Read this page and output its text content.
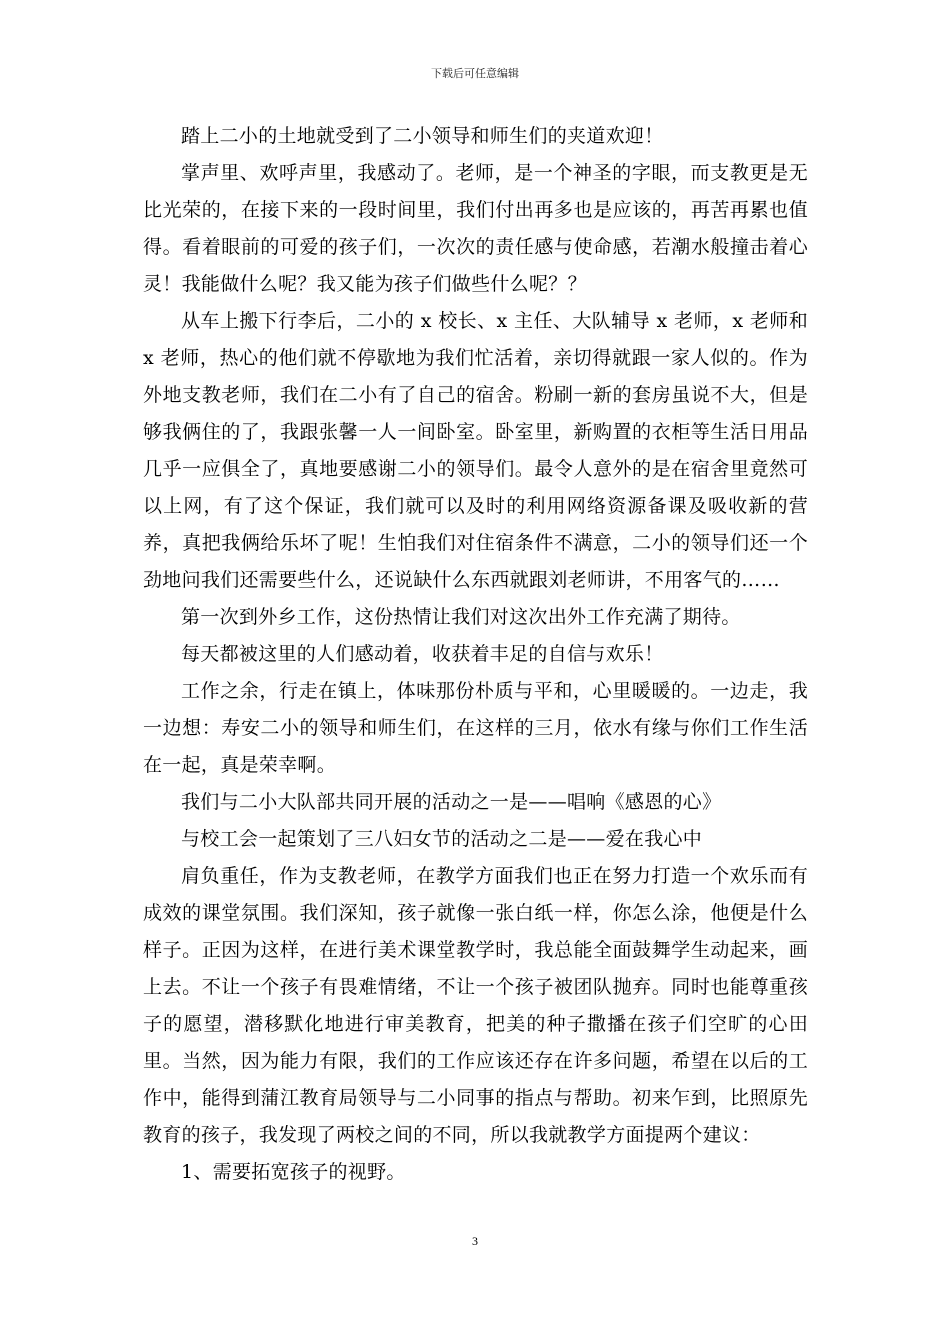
下载后可任意编辑

踏上二小的土地就受到了二小领导和师生们的夹道欢迎！

掌声里、欢呼声里，我感动了。老师，是一个神圣的字眼，而支教更是无比光荣的，在接下来的一段时间里，我们付出再多也是应该的，再苦再累也值得。看着眼前的可爱的孩子们，一次次的责任感与使命感，若潮水般撞击着心灵！我能做什么呢？我又能为孩子们做些什么呢？？

从车上搬下行李后，二小的 x 校长、x 主任、大队辅导 x 老师，x 老师和 x 老师，热心的他们就不停歇地为我们忙活着，亲切得就跟一家人似的。作为外地支教老师，我们在二小有了自己的宿舍。粉刷一新的套房虽说不大，但是够我俩住的了，我跟张馨一人一间卧室。卧室里，新购置的衣柜等生活日用品几乎一应俱全了，真地要感谢二小的领导们。最令人意外的是在宿舍里竟然可以上网，有了这个保证，我们就可以及时的利用网络资源备课及吸收新的营养，真把我俩给乐坏了呢！生怕我们对住宿条件不满意，二小的领导们还一个劲地问我们还需要些什么，还说缺什么东西就跟刘老师讲，不用客气的……

第一次到外乡工作，这份热情让我们对这次出外工作充满了期待。

每天都被这里的人们感动着，收获着丰足的自信与欢乐！

工作之余，行走在镇上，体味那份朴质与平和，心里暖暖的。一边走，我一边想：寿安二小的领导和师生们，在这样的三月，依水有缘与你们工作生活在一起，真是荣幸啊。

我们与二小大队部共同开展的活动之一是——唱响《感恩的心》

与校工会一起策划了三八妇女节的活动之二是——爱在我心中

肩负重任，作为支教老师，在教学方面我们也正在努力打造一个欢乐而有成效的课堂氛围。我们深知，孩子就像一张白纸一样，你怎么涂，他便是什么样子。正因为这样，在进行美术课堂教学时，我总能全面鼓舞学生动起来，画上去。不让一个孩子有畏难情绪，不让一个孩子被团队抛弃。同时也能尊重孩子的愿望，潜移默化地进行审美教育，把美的种子撒播在孩子们空旷的心田里。当然，因为能力有限，我们的工作应该还存在许多问题，希望在以后的工作中，能得到蒲江教育局领导与二小同事的指点与帮助。初来乍到，比照原先教育的孩子，我发现了两校之间的不同，所以我就教学方面提两个建议：

1、需要拓宽孩子的视野。

3
